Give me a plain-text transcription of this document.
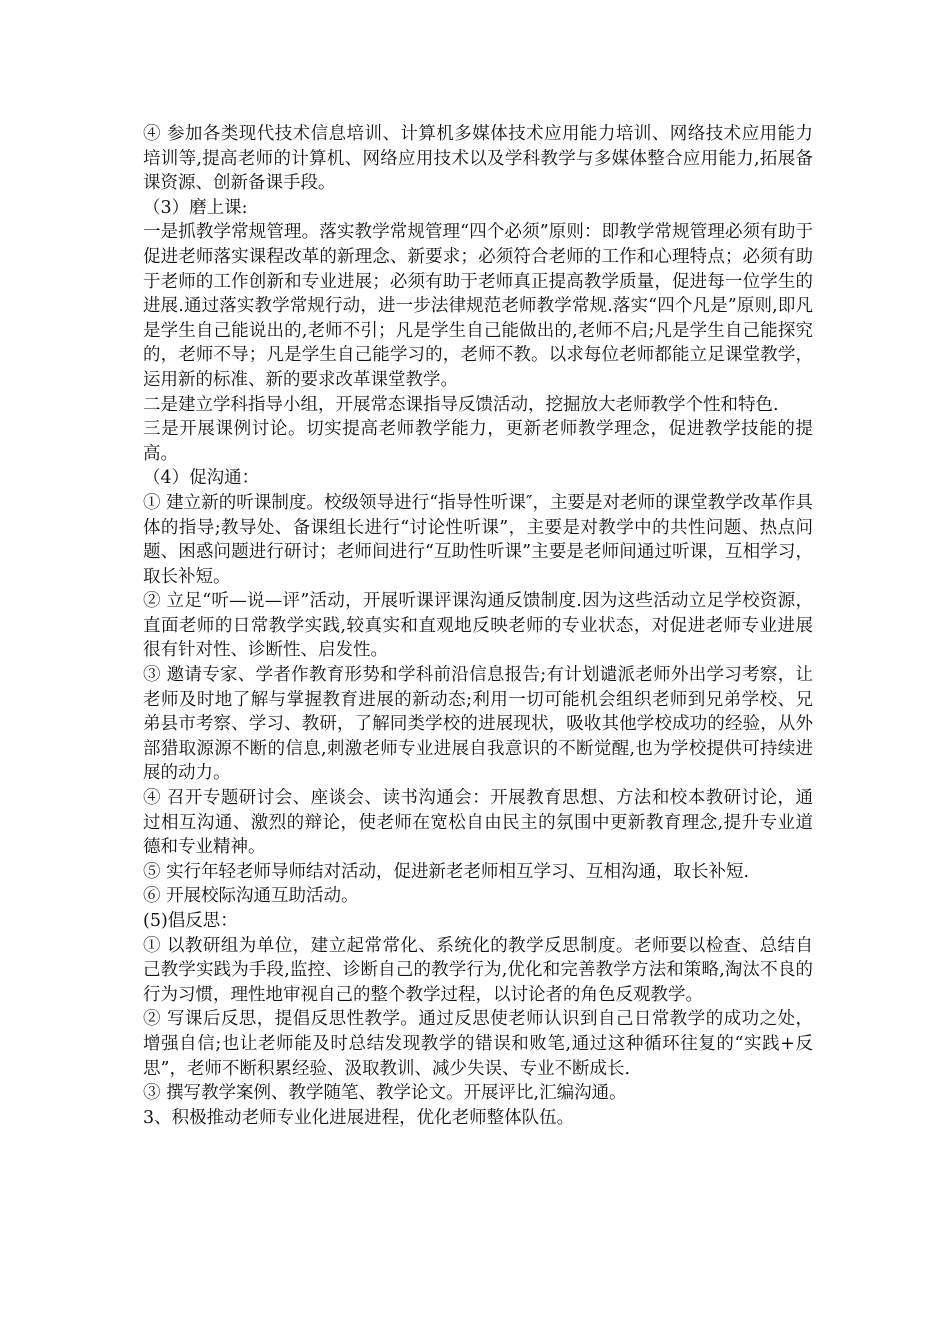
④ 参加各类现代技术信息培训、计算机多媒体技术应用能力培训、网络技术应用能力培训等,提高老师的计算机、网络应用技术以及学科教学与多媒体整合应用能力,拓展备课资源、创新备课手段。

（3）磨上课:

一是抓教学常规管理。落实教学常规管理“四个必须”原则：即教学常规管理必须有助于促进老师落实课程改革的新理念、新要求；必须符合老师的工作和心理特点；必须有助于老师的工作创新和专业进展；必须有助于老师真正提高教学质量，促进每一位学生的进展.通过落实教学常规行动，进一步法律规范老师教学常规.落实“四个凡是”原则,即凡是学生自己能说出的,老师不引；凡是学生自己能做出的,老师不启;凡是学生自己能探究的，老师不导；凡是学生自己能学习的，老师不教。以求每位老师都能立足课堂教学，运用新的标准、新的要求改革课堂教学。

二是建立学科指导小组，开展常态课指导反馈活动，挖掘放大老师教学个性和特色.

三是开展课例讨论。切实提高老师教学能力，更新老师教学理念，促进教学技能的提高。

（4）促沟通：

① 建立新的听课制度。校级领导进行“指导性听课″，主要是对老师的课堂教学改革作具体的指导;教导处、备课组长进行“讨论性听课”，主要是对教学中的共性问题、热点问题、困惑问题进行研讨；老师间进行“互助性听课”主要是老师间通过听课，互相学习，取长补短。

② 立足“听—说—评”活动，开展听课评课沟通反馈制度.因为这些活动立足学校资源，直面老师的日常教学实践,较真实和直观地反映老师的专业状态，对促进老师专业进展很有针对性、诊断性、启发性。

③ 邀请专家、学者作教育形势和学科前沿信息报告;有计划谴派老师外出学习考察，让老师及时地了解与掌握教育进展的新动态;利用一切可能机会组织老师到兄弟学校、兄弟县市考察、学习、教研，了解同类学校的进展现状，吸收其他学校成功的经验，从外部猎取源源不断的信息,刺激老师专业进展自我意识的不断觉醒,也为学校提供可持续进展的动力。

④ 召开专题研讨会、座谈会、读书沟通会：开展教育思想、方法和校本教研讨论，通过相互沟通、激烈的辩论，使老师在宽松自由民主的氛围中更新教育理念,提升专业道德和专业精神。

⑤ 实行年轻老师导师结对活动，促进新老老师相互学习、互相沟通，取长补短.

⑥ 开展校际沟通互助活动。

(5)倡反思：

① 以教研组为单位，建立起常常化、系统化的教学反思制度。老师要以检查、总结自己教学实践为手段,监控、诊断自己的教学行为,优化和完善教学方法和策略,淘汰不良的行为习惯，理性地审视自己的整个教学过程，以讨论者的角色反观教学。

② 写课后反思，提倡反思性教学。通过反思使老师认识到自己日常教学的成功之处，增强自信;也让老师能及时总结发现教学的错误和败笔,通过这种循环往复的“实践+反思”，老师不断积累经验、汲取教训、减少失误、专业不断成长.

③ 撰写教学案例、教学随笔、教学论文。开展评比,汇编沟通。

3、积极推动老师专业化进展进程，优化老师整体队伍。
